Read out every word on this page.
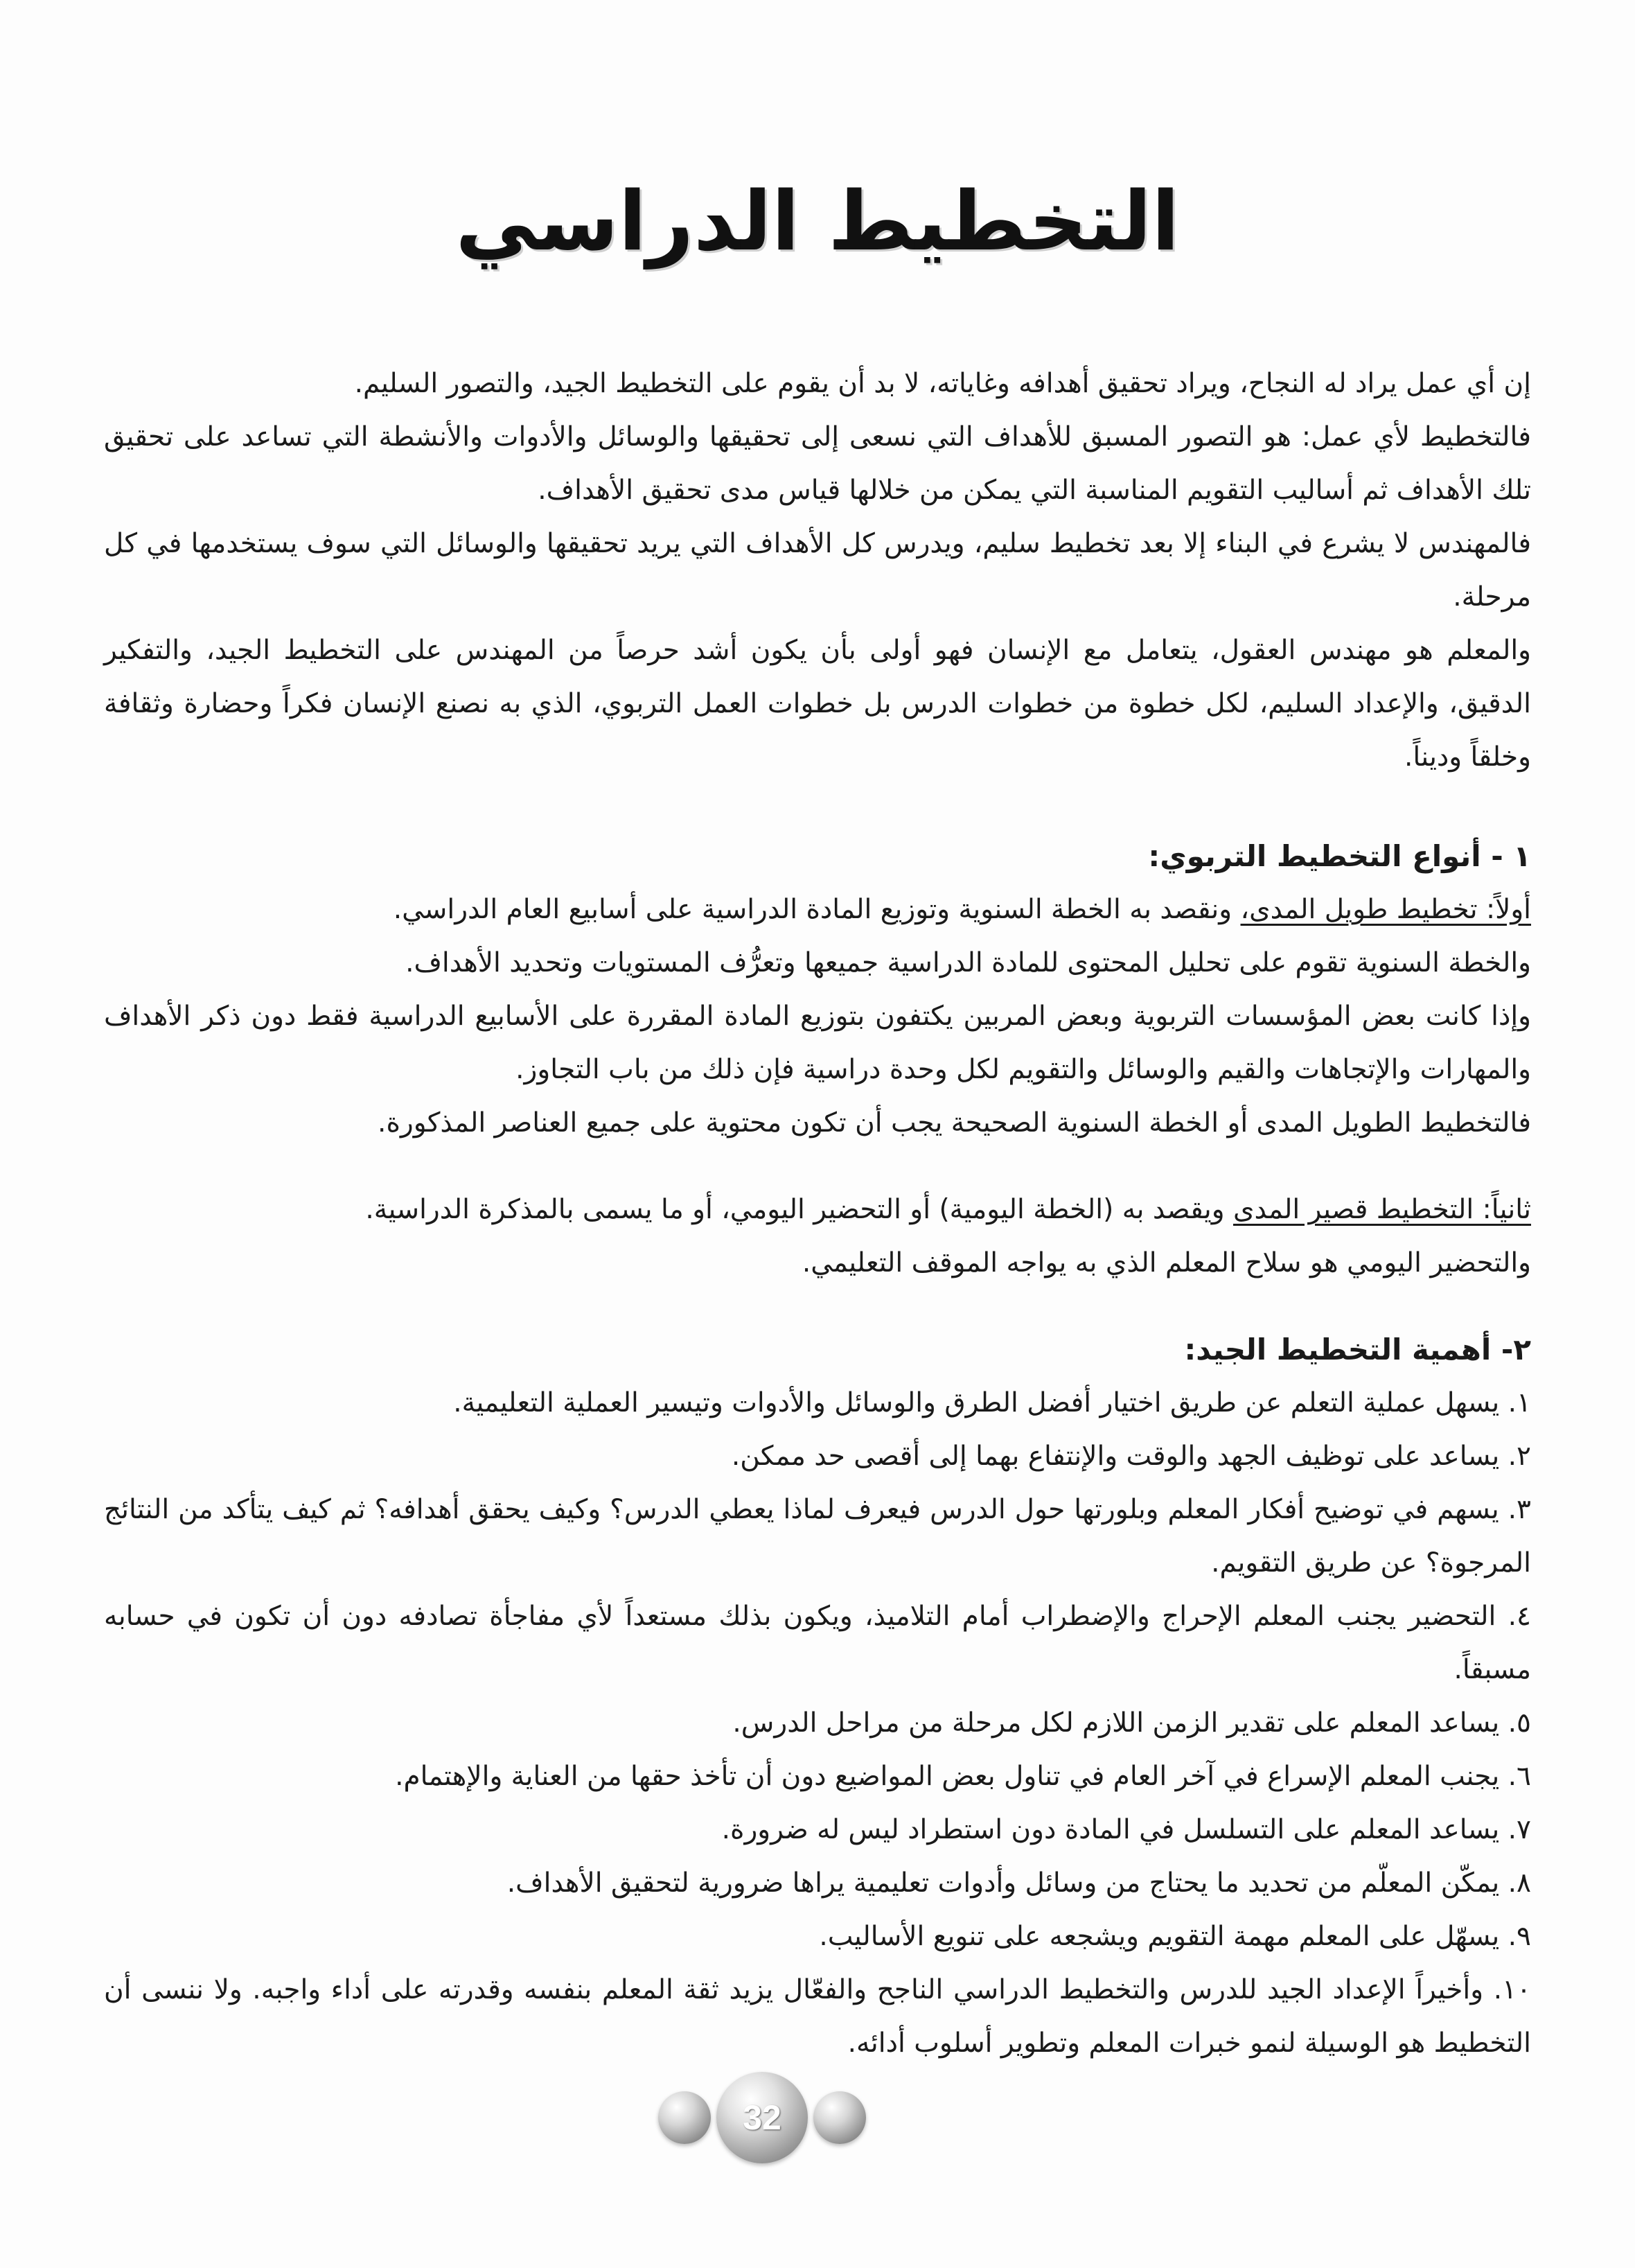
التخطيط الدراسي

إن أي عمل يراد له النجاح، ويراد تحقيق أهدافه وغاياته، لا بد أن يقوم على التخطيط الجيد، والتصور السليم.

فالتخطيط لأي عمل: هو التصور المسبق للأهداف التي نسعى إلى تحقيقها والوسائل والأدوات والأنشطة التي تساعد على تحقيق تلك الأهداف ثم أساليب التقويم المناسبة التي يمكن من خلالها قياس مدى تحقيق الأهداف.

فالمهندس لا يشرع في البناء إلا بعد تخطيط سليم، ويدرس كل الأهداف التي يريد تحقيقها والوسائل التي سوف يستخدمها في كل مرحلة.

والمعلم هو مهندس العقول، يتعامل مع الإنسان فهو أولى بأن يكون أشد حرصاً من المهندس على التخطيط الجيد، والتفكير الدقيق، والإعداد السليم، لكل خطوة من خطوات الدرس بل خطوات العمل التربوي، الذي به نصنع الإنسان فكراً وحضارة وثقافة وخلقاً وديناً.

١ - أنواع التخطيط التربوي:

أولاً: تخطيط طويل المدى، ونقصد به الخطة السنوية وتوزيع المادة الدراسية على أسابيع العام الدراسي.

والخطة السنوية تقوم على تحليل المحتوى للمادة الدراسية جميعها وتعرُّف المستويات وتحديد الأهداف.

وإذا كانت بعض المؤسسات التربوية وبعض المربين يكتفون بتوزيع المادة المقررة على الأسابيع الدراسية فقط دون ذكر الأهداف والمهارات والإتجاهات والقيم والوسائل والتقويم لكل وحدة دراسية فإن ذلك من باب التجاوز.

فالتخطيط الطويل المدى أو الخطة السنوية الصحيحة يجب أن تكون محتوية على جميع العناصر المذكورة.

ثانياً: التخطيط قصير المدى ويقصد به (الخطة اليومية) أو التحضير اليومي، أو ما يسمى بالمذكرة الدراسية.

والتحضير اليومي هو سلاح المعلم الذي به يواجه الموقف التعليمي.

٢- أهمية التخطيط الجيد:

١. يسهل عملية التعلم عن طريق اختيار أفضل الطرق والوسائل والأدوات وتيسير العملية التعليمية.
٢. يساعد على توظيف الجهد والوقت والإنتفاع بهما إلى أقصى حد ممكن.
٣. يسهم في توضيح أفكار المعلم وبلورتها حول الدرس فيعرف لماذا يعطي الدرس؟ وكيف يحقق أهدافه؟ ثم كيف يتأكد من النتائج المرجوة؟ عن طريق التقويم.
٤. التحضير يجنب المعلم الإحراج والإضطراب أمام التلاميذ، ويكون بذلك مستعداً لأي مفاجأة تصادفه دون أن تكون في حسابه مسبقاً.
٥. يساعد المعلم على تقدير الزمن اللازم لكل مرحلة من مراحل الدرس.
٦. يجنب المعلم الإسراع في آخر العام في تناول بعض المواضيع دون أن تأخذ حقها من العناية والإهتمام.
٧. يساعد المعلم على التسلسل في المادة دون استطراد ليس له ضرورة.
٨. يمكّن المعلّم من تحديد ما يحتاج من وسائل وأدوات تعليمية يراها ضرورية لتحقيق الأهداف.
٩. يسهّل على المعلم مهمة التقويم ويشجعه على تنويع الأساليب.
١٠. وأخيراً الإعداد الجيد للدرس والتخطيط الدراسي الناجح والفعّال يزيد ثقة المعلم بنفسه وقدرته على أداء واجبه. ولا ننسى أن التخطيط هو الوسيلة لنمو خبرات المعلم وتطوير أسلوب أدائه.
32
